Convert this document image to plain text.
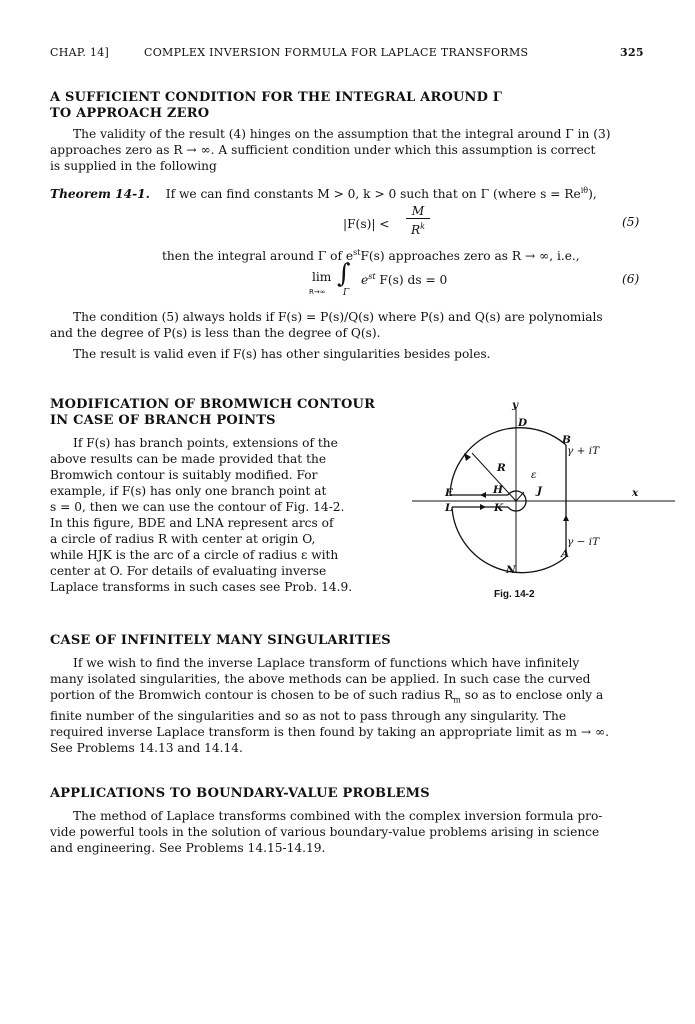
CHAP. 14]	COMPLEX INVERSION FORMULA FOR LAPLACE TRANSFORMS	325
A SUFFICIENT CONDITION FOR THE INTEGRAL AROUND Γ
TO APPROACH ZERO
The validity of the result (4) hinges on the assumption that the integral around Γ in (3)
approaches zero as R → ∞. A sufficient condition under which this assumption is correct
is supplied in the following
Theorem 14-1. If we can find constants M > 0, k > 0 such that on Γ (where $s = Re^{i\theta}$),
|F(s)| <
M
$R^k$	(5)
then the integral around Γ of $e^{st}F(s)$ approaches zero as R → ∞, i.e.,
lim
R→∞
∫
Γ
$e^{st}$ F(s) ds = 0	(6)
The condition (5) always holds if F(s) = P(s)/Q(s) where P(s) and Q(s) are polynomials
and the degree of P(s) is less than the degree of Q(s).
The result is valid even if F(s) has other singularities besides poles.
MODIFICATION OF BROMWICH CONTOUR
IN CASE OF BRANCH POINTS
If F(s) has branch points, extensions of the
above results can be made provided that the
Bromwich contour is suitably modified. For
example, if F(s) has only one branch point at
s = 0, then we can use the contour of Fig. 14-2.
In this figure, BDE and LNA represent arcs of
a circle of radius R with center at origin O,
while HJK is the arc of a circle of radius ε with
center at O. For details of evaluating inverse
Laplace transforms in such cases see Prob. 14.9.
y
D
B
γ + iT
R
ε
E	H	J	x
L	K
γ − iT
A
N
Fig. 14-2
CASE OF INFINITELY MANY SINGULARITIES
If we wish to find the inverse Laplace transform of functions which have infinitely
many isolated singularities, the above methods can be applied. In such case the curved
portion of the Bromwich contour is chosen to be of such radius $R_m$ so as to enclose only a
finite number of the singularities and so as not to pass through any singularity. The
required inverse Laplace transform is then found by taking an appropriate limit as m → ∞.
See Problems 14.13 and 14.14.
APPLICATIONS TO BOUNDARY-VALUE PROBLEMS
The method of Laplace transforms combined with the complex inversion formula pro-
vide powerful tools in the solution of various boundary-value problems arising in science
and engineering. See Problems 14.15-14.19.
